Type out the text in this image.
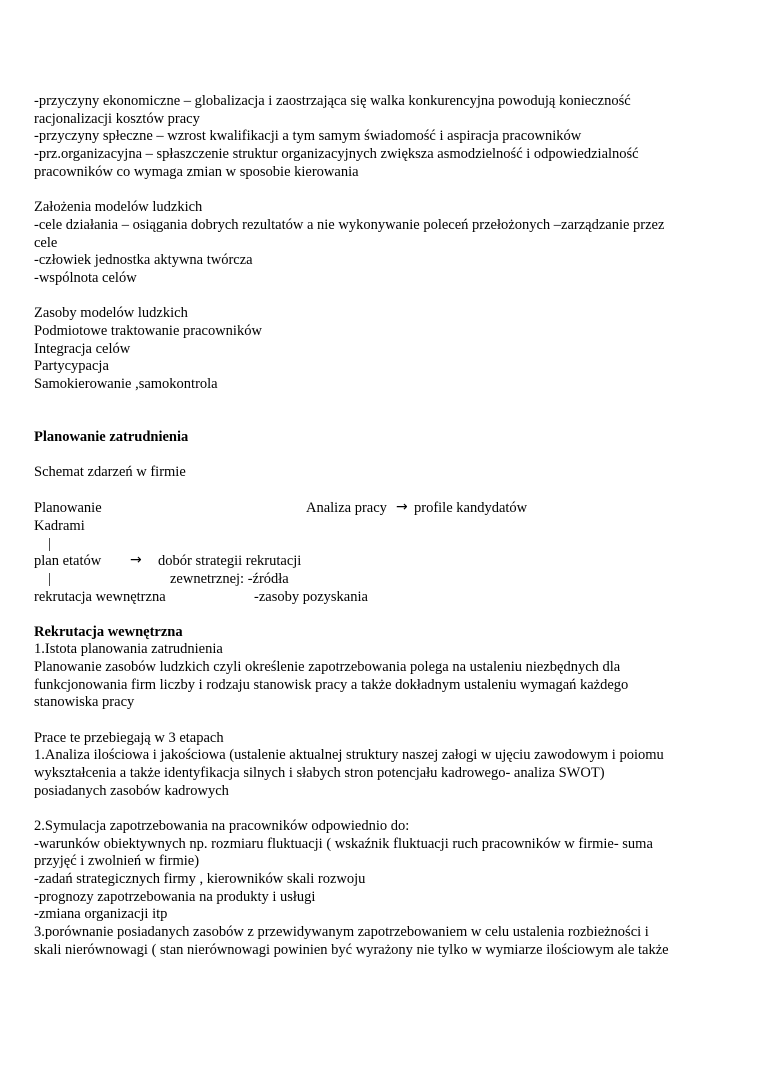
-przyczyny ekonomiczne – globalizacja i zaostrzająca się walka konkurencyjna powodują konieczność
racjonalizacji kosztów pracy
-przyczyny spłeczne – wzrost kwalifikacji a tym samym świadomość i aspiracja pracowników
-prz.organizacyjna – spłaszczenie struktur organizacyjnych zwiększa asmodzielność i odpowiedzialność
pracowników co wymaga zmian w sposobie kierowania
Założenia modelów ludzkich
-cele działania – osiągania dobrych rezultatów a nie wykonywanie poleceń przełożonych –zarządzanie przez
cele
-człowiek jednostka aktywna twórcza
-wspólnota celów
Zasoby modelów ludzkich
Podmiotowe traktowanie pracowników
Integracja celów
Partycypacja
Samokierowanie ,samokontrola
Planowanie zatrudnienia
Schemat zdarzeń w firmie
Planowanie	Analiza pracy → profile kandydatów
Kadrami
|
plan etatów → dobór strategii rekrutacji
|	zewnetrznej: -źródła
rekrutacja wewnętrzna	-zasoby pozyskania
Rekrutacja wewnętrzna
1.Istota planowania zatrudnienia
Planowanie zasobów ludzkich czyli określenie zapotrzebowania polega na ustaleniu niezbędnych dla
funkcjonowania firm liczby i rodzaju stanowisk pracy a także dokładnym ustaleniu wymagań każdego
stanowiska pracy
Prace te przebiegają w 3 etapach
1.Analiza ilościowa i jakościowa (ustalenie aktualnej struktury naszej załogi w ujęciu zawodowym i poiomu
wykształcenia a także identyfikacja silnych i słabych stron potencjału kadrowego- analiza SWOT)
posiadanych zasobów kadrowych
2.Symulacja zapotrzebowania na pracowników odpowiednio do:
-warunków obiektywnych np. rozmiaru fluktuacji ( wskaźnik fluktuacji ruch pracowników w firmie- suma
przyjęć i zwolnień w firmie)
-zadań strategicznych firmy , kierowników skali rozwoju
-prognozy zapotrzebowania na produkty i usługi
-zmiana organizacji itp
3.porównanie posiadanych zasobów z przewidywanym zapotrzebowaniem w celu ustalenia rozbieżności i
skali nierównowagi ( stan nierównowagi powinien być wyrażony nie tylko w wymiarze ilościowym ale także
